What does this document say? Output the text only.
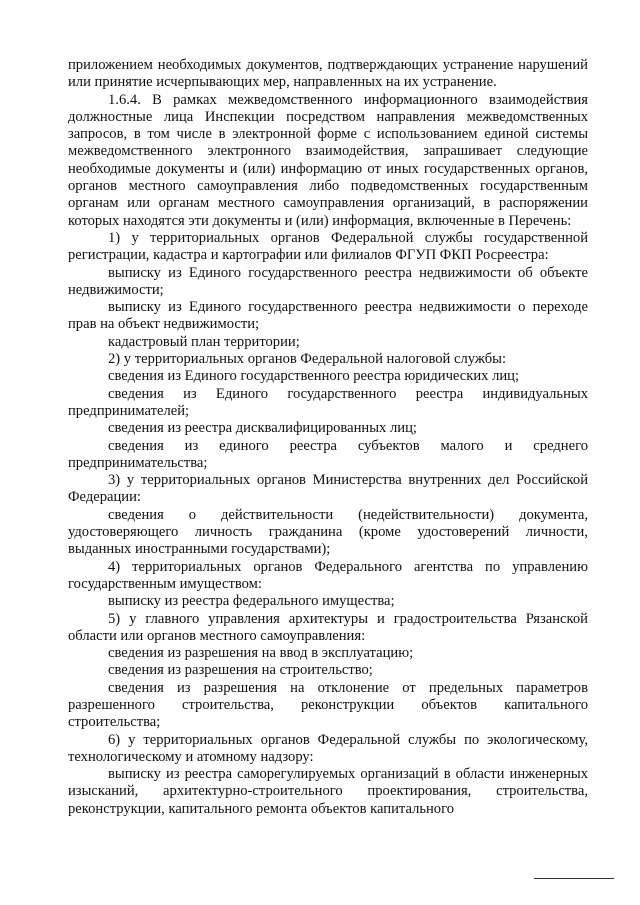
приложением необходимых документов, подтверждающих устранение нарушений или принятие исчерпывающих мер, направленных на их устранение.

1.6.4. В рамках межведомственного информационного взаимодействия должностные лица Инспекции посредством направления межведомственных запросов, в том числе в электронной форме с использованием единой системы межведомственного электронного взаимодействия, запрашивает следующие необходимые документы и (или) информацию от иных государственных органов, органов местного самоуправления либо подведомственных государственным органам или органам местного самоуправления организаций, в распоряжении которых находятся эти документы и (или) информация, включенные в Перечень:

1) у территориальных органов Федеральной службы государственной регистрации, кадастра и картографии или филиалов ФГУП ФКП Росреестра:

выписку из Единого государственного реестра недвижимости об объекте недвижимости;

выписку из Единого государственного реестра недвижимости о переходе прав на объект недвижимости;

кадастровый план территории;

2) у территориальных органов Федеральной налоговой службы:

сведения из Единого государственного реестра юридических лиц;

сведения из Единого государственного реестра индивидуальных предпринимателей;

сведения из реестра дисквалифицированных лиц;

сведения из единого реестра субъектов малого и среднего предпринимательства;

3) у территориальных органов Министерства внутренних дел Российской Федерации:

сведения о действительности (недействительности) документа, удостоверяющего личность гражданина (кроме удостоверений личности, выданных иностранными государствами);

4) территориальных органов Федерального агентства по управлению государственным имуществом:

выписку из реестра федерального имущества;

5) у главного управления архитектуры и градостроительства Рязанской области или органов местного самоуправления:

сведения из разрешения на ввод в эксплуатацию;

сведения из разрешения на строительство;

сведения из разрешения на отклонение от предельных параметров разрешенного строительства, реконструкции объектов капитального строительства;

6) у территориальных органов Федеральной службы по экологическому, технологическому и атомному надзору:

выписку из реестра саморегулируемых организаций в области инженерных изысканий, архитектурно-строительного проектирования, строительства, реконструкции, капитального ремонта объектов капитального
